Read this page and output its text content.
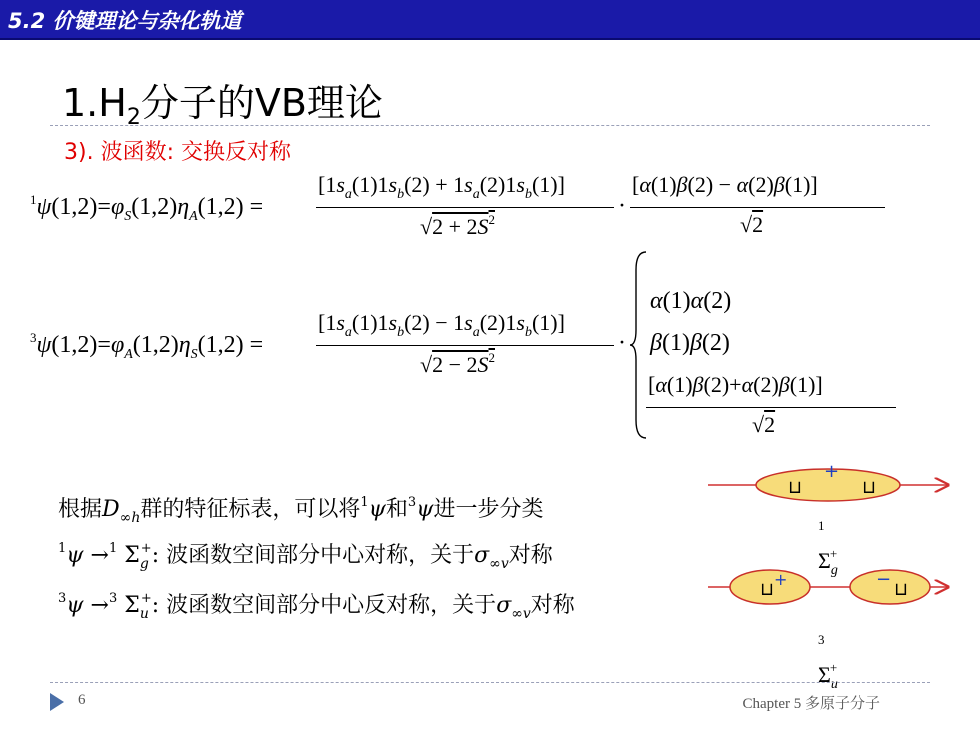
5.2 价键理论与杂化轨道
$1.H_2$分子的VB理论
3). 波函数: 交换反对称
$^1\psi(1,2)=\varphi_S(1,2)\eta_A(1,2)$ =
$[1s_a(1)1s_b(2) + 1s_a(2)1s_b(1)]$
$√2 + 2S^2$
·
[α(1)β(2) − α(2)β(1)]
√2
$^3\psi(1,2)=\varphi_A(1,2)\eta_S(1,2)$ =
$[1s_a(1)1s_b(2) - 1s_a(2)1s_b(1)]$
$√2 - 2S^2$
·
α(1)α(2)
β(1)β(2)
[α(1)β(2)+α(2)β(1)]
√2
根据$D_{\infty h}$群的特征标表，可以将$^1$ψ和$^3$ψ进一步分类
$^1$ψ →$^1$ $\Sigma_g^+$: 波函数空间部分中心对称，关于$\sigma_{\infty v}$对称
$^3$ψ →$^3$ $\Sigma_u^+$: 波函数空间部分中心反对称，关于$\sigma_{\infty v}$对称
⊔	⊔
+
⊔ +	− ⊔
$^1$ $\Sigma_g^+$
$^3$ $\Sigma_u^+$
6	Chapter 5 多原子分子
